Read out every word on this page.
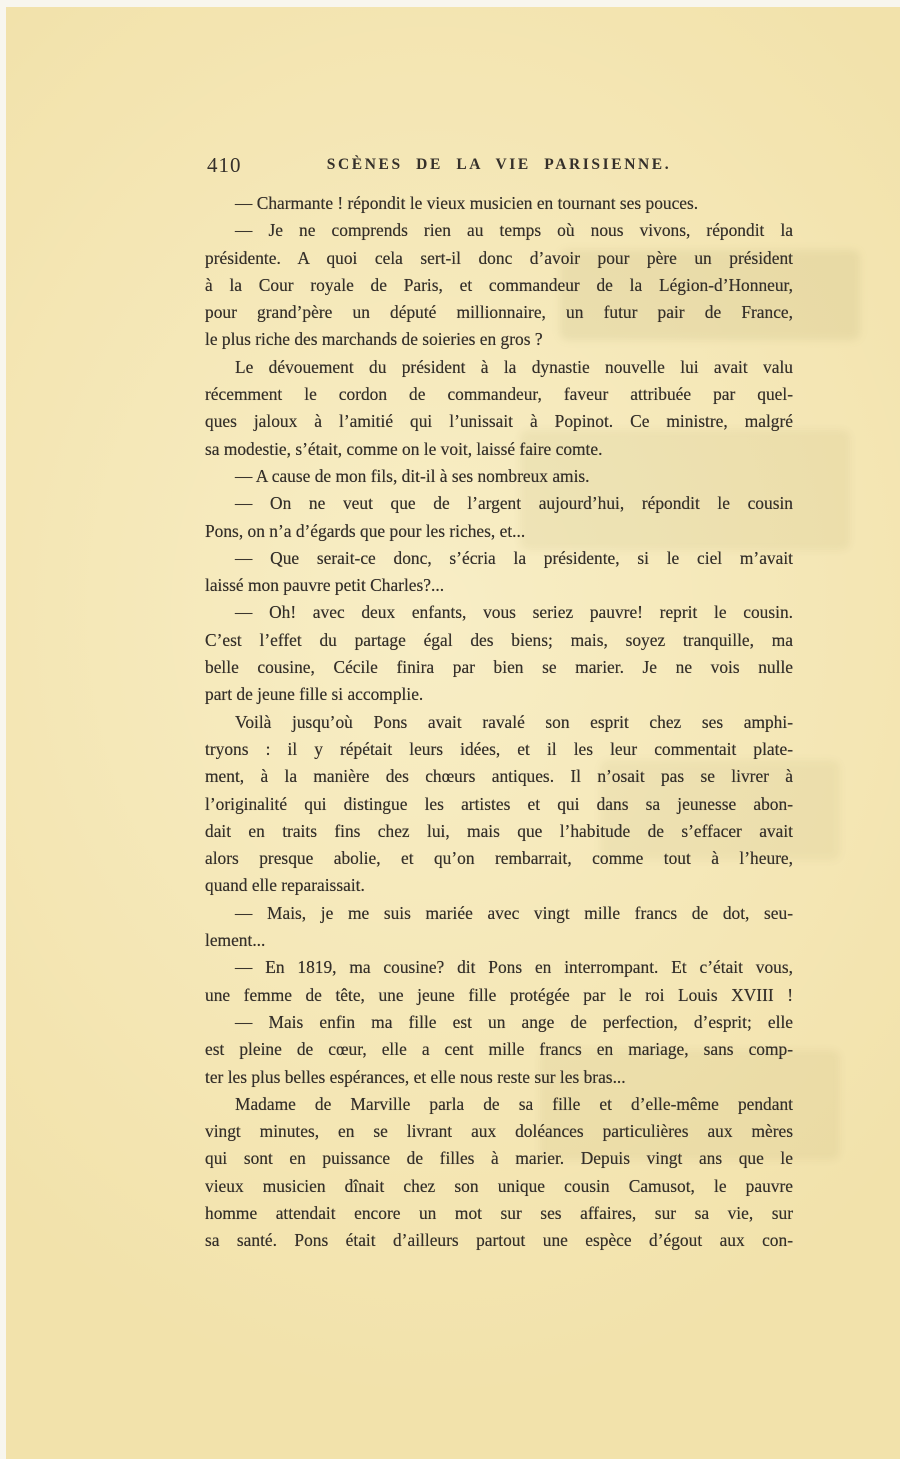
410	SCÈNES DE LA VIE PARISIENNE.
— Charmante ! répondit le vieux musicien en tournant ses pouces.
— Je ne comprends rien au temps où nous vivons, répondit la
présidente. A quoi cela sert-il donc d’avoir pour père un président
à la Cour royale de Paris, et commandeur de la Légion-d’Honneur,
pour grand’père un député millionnaire, un futur pair de France,
le plus riche des marchands de soieries en gros ?
Le dévouement du président à la dynastie nouvelle lui avait valu
récemment le cordon de commandeur, faveur attribuée par quel-
ques jaloux à l’amitié qui l’unissait à Popinot. Ce ministre, malgré
sa modestie, s’était, comme on le voit, laissé faire comte.
— A cause de mon fils, dit-il à ses nombreux amis.
— On ne veut que de l’argent aujourd’hui, répondit le cousin
Pons, on n’a d’égards que pour les riches, et...
— Que serait-ce donc, s’écria la présidente, si le ciel m’avait
laissé mon pauvre petit Charles?...
— Oh! avec deux enfants, vous seriez pauvre! reprit le cousin.
C’est l’effet du partage égal des biens; mais, soyez tranquille, ma
belle cousine, Cécile finira par bien se marier. Je ne vois nulle
part de jeune fille si accomplie.
Voilà jusqu’où Pons avait ravalé son esprit chez ses amphi-
tryons : il y répétait leurs idées, et il les leur commentait plate-
ment, à la manière des chœurs antiques. Il n’osait pas se livrer à
l’originalité qui distingue les artistes et qui dans sa jeunesse abon-
dait en traits fins chez lui, mais que l’habitude de s’effacer avait
alors presque abolie, et qu’on rembarrait, comme tout à l’heure,
quand elle reparaissait.
— Mais, je me suis mariée avec vingt mille francs de dot, seu-
lement...
— En 1819, ma cousine? dit Pons en interrompant. Et c’était vous,
une femme de tête, une jeune fille protégée par le roi Louis XVIII !
— Mais enfin ma fille est un ange de perfection, d’esprit; elle
est pleine de cœur, elle a cent mille francs en mariage, sans comp-
ter les plus belles espérances, et elle nous reste sur les bras...
Madame de Marville parla de sa fille et d’elle-même pendant
vingt minutes, en se livrant aux doléances particulières aux mères
qui sont en puissance de filles à marier. Depuis vingt ans que le
vieux musicien dînait chez son unique cousin Camusot, le pauvre
homme attendait encore un mot sur ses affaires, sur sa vie, sur
sa santé. Pons était d’ailleurs partout une espèce d’égout aux con-
